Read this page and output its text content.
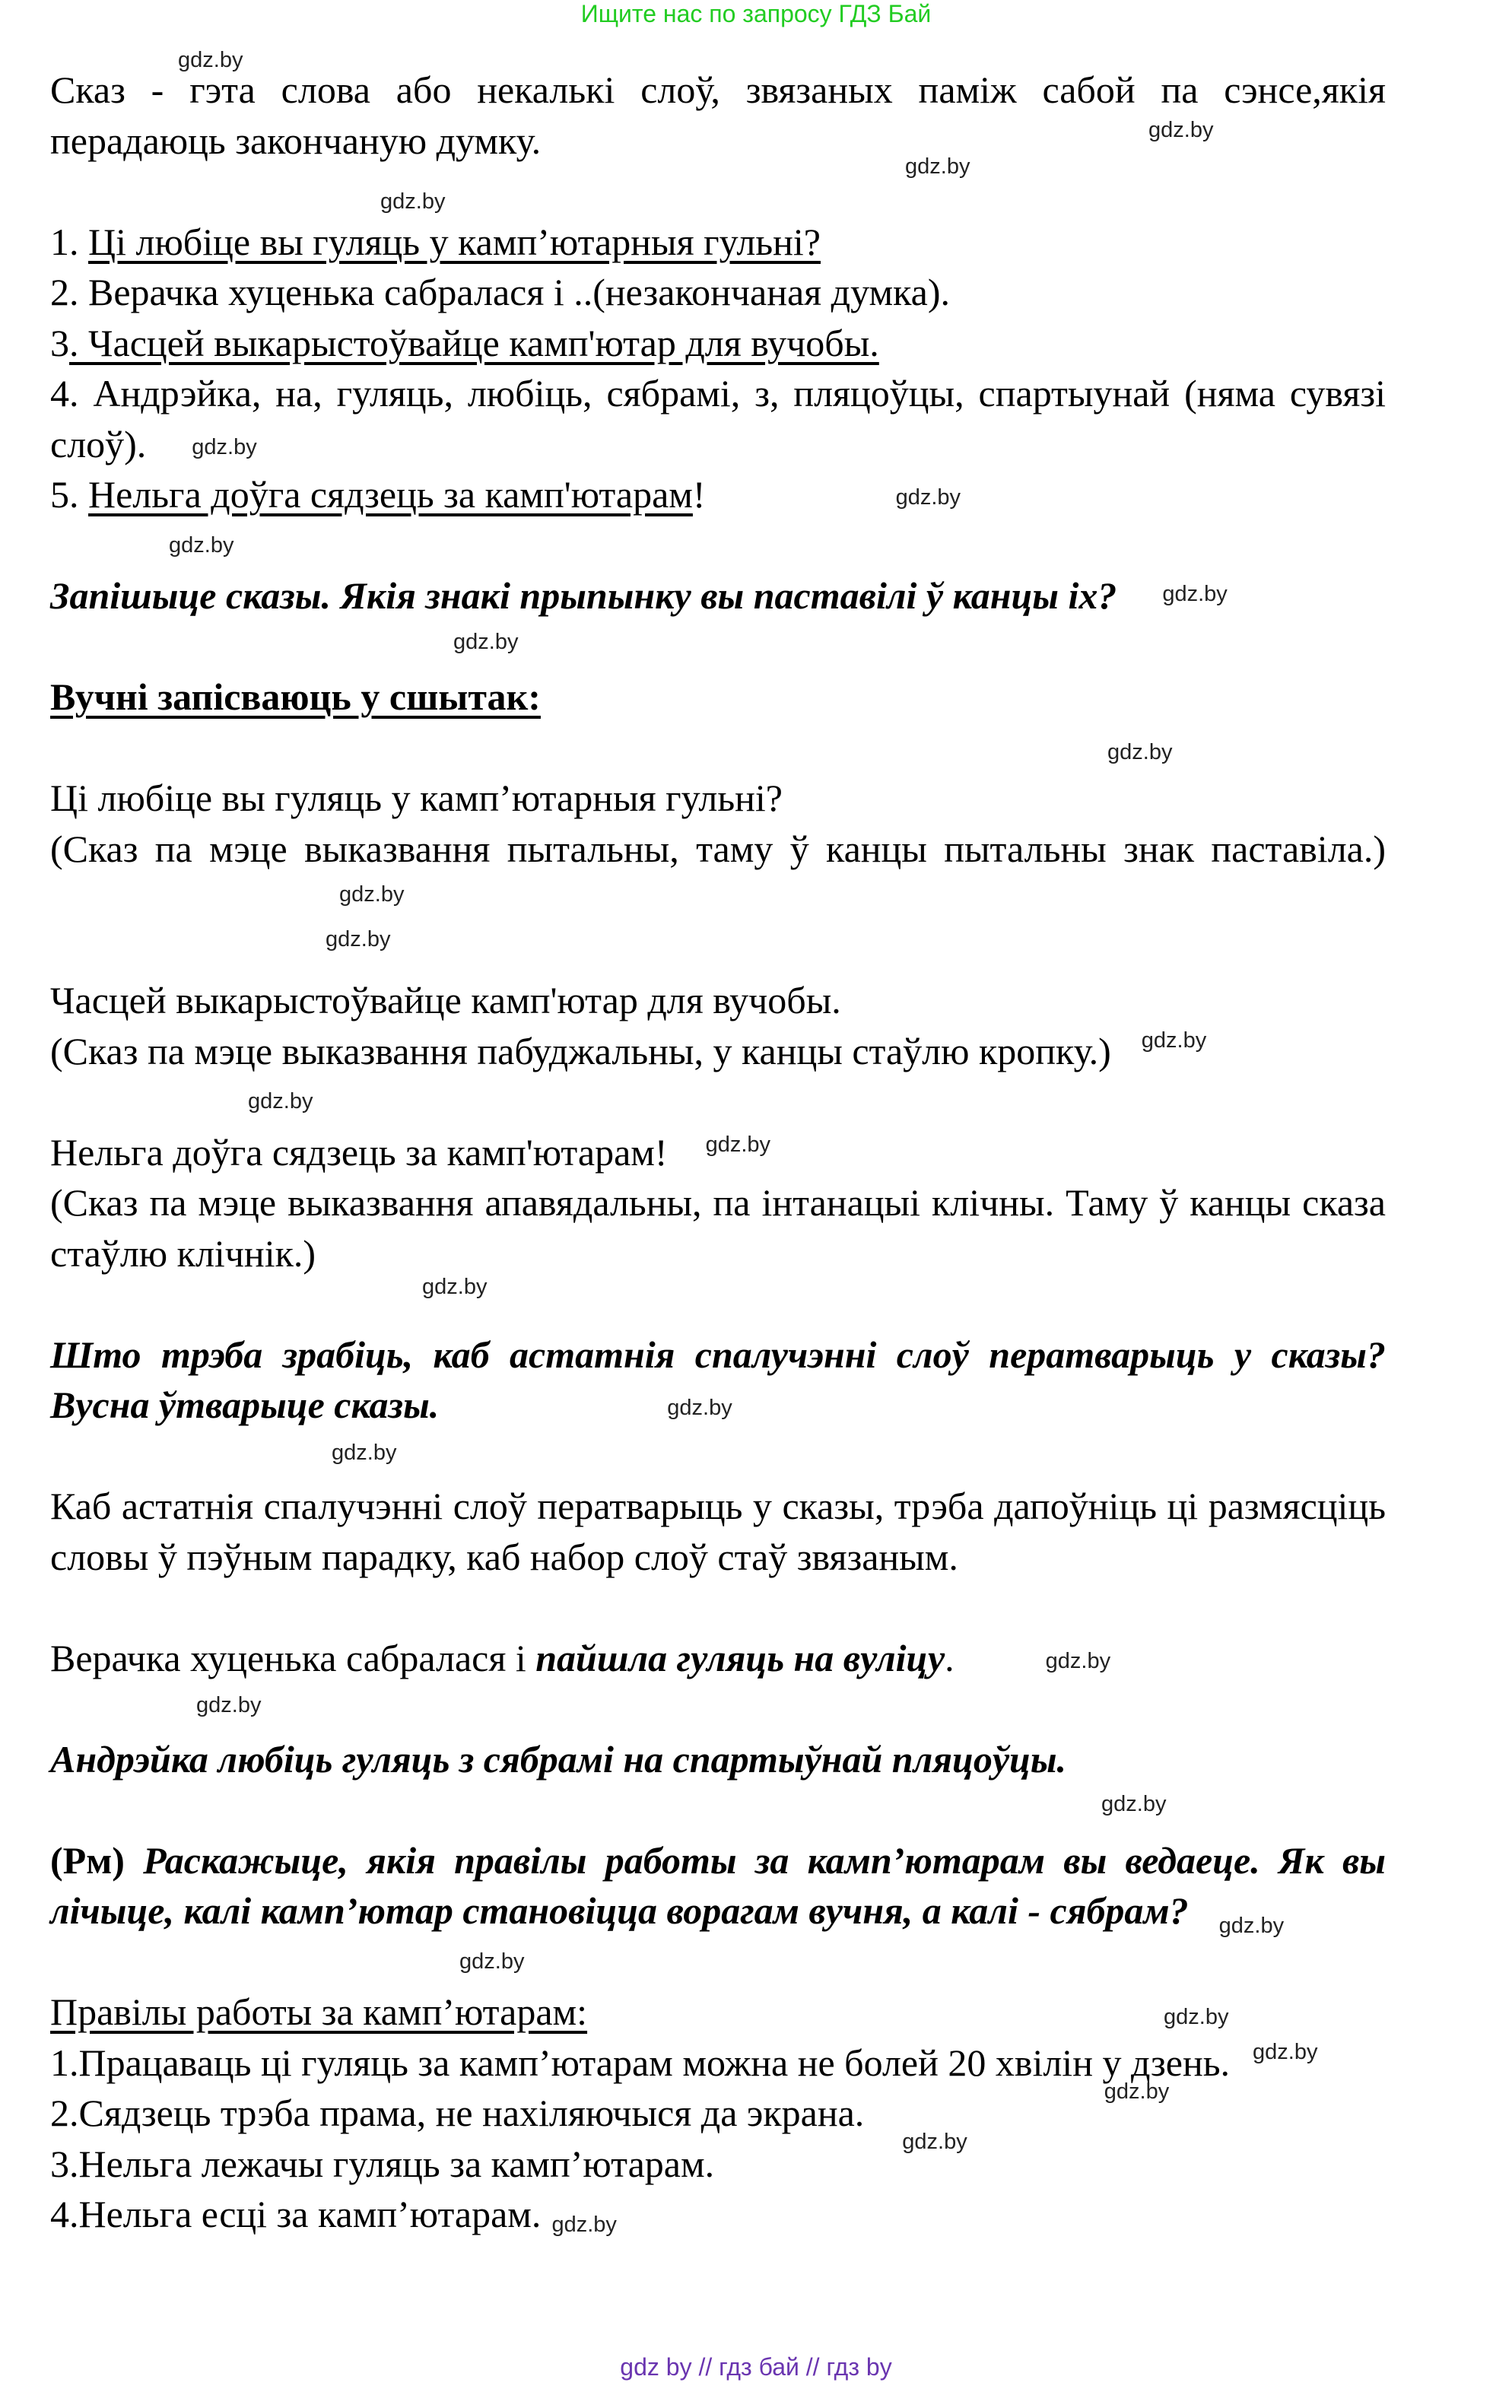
Ищите нас по запросу ГДЗ Бай
Сказ - гэта слова або некалькі слоў, звязаных паміж сабой па сэнсе,якія перадаюць закончаную думку.
gdz.by
gdz.by
gdz.by
gdz.by
1. Ці любіце вы гуляць у камп’ютарныя гульні?
2. Верачка хуценька сабралася і ..(незакончаная думка).
3. Часцей выкарыстоўвайце камп'ютар для вучобы.
4. Андрэйка, на, гуляць, любіць, сябрамі, з, пляцоўцы, спартыунай (няма сувязі слоў). gdz.by
5. Нельга доўга сядзець за камп'ютарам!	gdz.by
gdz.by
Запішыце сказы. Якія знакі прыпынку вы паставілі ў канцы іх? gdz.by
gdz.by
Вучні запісваюць у сшытак:
gdz.by
Ці любіце вы гуляць у камп’ютарныя гульні?
(Сказ па мэце выказвання пытальны, таму ў канцы пытальны знак паставіла.)gdz.by
gdz.by
Часцей выкарыстоўвайце камп'ютар для вучобы.
(Сказ па мэце выказвання пабуджальны, у канцы стаўлю кропку.) gdz.by
gdz.by
Нельга доўга сядзець за камп'ютарам! gdz.by
(Сказ па мэце выказвання апавядальны, па інтанацыі клічны. Таму ў канцы сказа стаўлю клічнік.)gdz.by
Што трэба зрабіць, каб астатнія спалучэнні слоў ператварыць у сказы? Вусна ўтварыце сказы.	gdz.by
gdz.by
Каб астатнія спалучэнні слоў ператварыць у сказы, трэба дапоўніць ці размясціць словы ў пэўным парадку, каб набор слоў стаў звязаным.
Верачка хуценька сабралася і пайшла гуляць на вуліцу.	gdz.by
gdz.by
Андрэйка любіць гуляць з сябрамі на спартыўнай пляцоўцы.
gdz.by
(Рм) Раскажыце, якія правілы работы за камп’ютарам вы ведаеце. Як вы лічыце, калі камп’ютар становіцца ворагам вучня, а калі - сябрам? gdz.by
gdz.by
gdz.by
Правілы работы за камп’ютарам:
1.Працаваць ці гуляць за камп’ютарам можна не болей 20 хвілін у дзень. gdz.by
2.Сядзець трэба прама, не нахіляючыся да экрана.gdz.bygdz.by
3.Нельга лежачы гуляць за камп’ютарам.
4.Нельга есці за камп’ютарам. gdz.by
gdz by // гдз бай // гдз by
